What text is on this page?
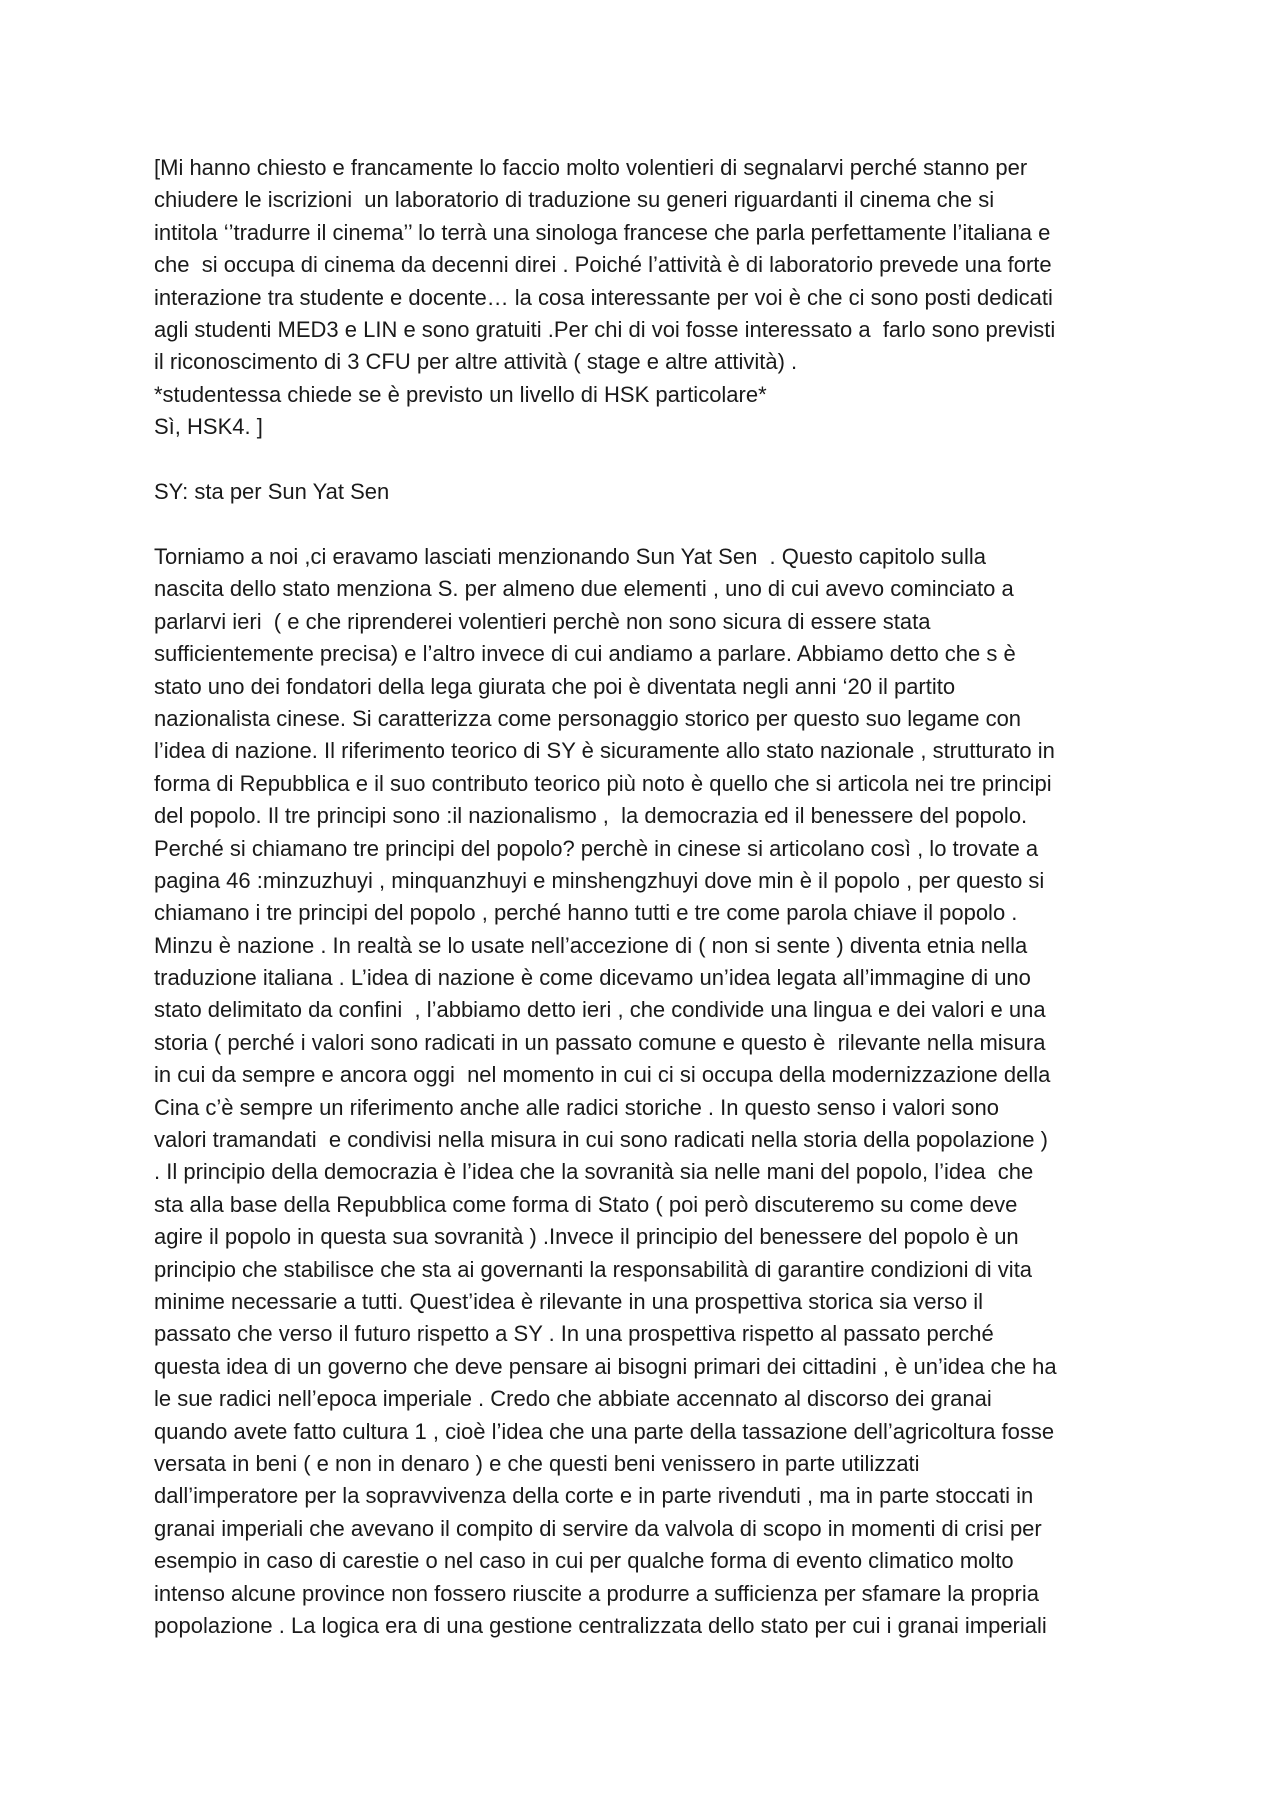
[Mi hanno chiesto e francamente lo faccio molto volentieri di segnalarvi perché stanno per
chiudere le iscrizioni  un laboratorio di traduzione su generi riguardanti il cinema che si
intitola ‘’tradurre il cinema’’ lo terrà una sinologa francese che parla perfettamente l’italiana e
che  si occupa di cinema da decenni direi . Poiché l’attività è di laboratorio prevede una forte
interazione tra studente e docente… la cosa interessante per voi è che ci sono posti dedicati
agli studenti MED3 e LIN e sono gratuiti .Per chi di voi fosse interessato a  farlo sono previsti
il riconoscimento di 3 CFU per altre attività ( stage e altre attività) .
*studentessa chiede se è previsto un livello di HSK particolare*
Sì, HSK4. ]
SY: sta per Sun Yat Sen
Torniamo a noi ,ci eravamo lasciati menzionando Sun Yat Sen  . Questo capitolo sulla
nascita dello stato menziona S. per almeno due elementi , uno di cui avevo cominciato a
parlarvi ieri  ( e che riprenderei volentieri perchè non sono sicura di essere stata
sufficientemente precisa) e l’altro invece di cui andiamo a parlare. Abbiamo detto che s è
stato uno dei fondatori della lega giurata che poi è diventata negli anni ‘20 il partito
nazionalista cinese. Si caratterizza come personaggio storico per questo suo legame con
l’idea di nazione. Il riferimento teorico di SY è sicuramente allo stato nazionale , strutturato in
forma di Repubblica e il suo contributo teorico più noto è quello che si articola nei tre principi
del popolo. Il tre principi sono :il nazionalismo ,  la democrazia ed il benessere del popolo.
Perché si chiamano tre principi del popolo? perchè in cinese si articolano così , lo trovate a
pagina 46 :minzuzhuyi , minquanzhuyi e minshengzhuyi dove min è il popolo , per questo si
chiamano i tre principi del popolo , perché hanno tutti e tre come parola chiave il popolo .
Minzu è nazione . In realtà se lo usate nell’accezione di ( non si sente ) diventa etnia nella
traduzione italiana . L’idea di nazione è come dicevamo un’idea legata all’immagine di uno
stato delimitato da confini  , l’abbiamo detto ieri , che condivide una lingua e dei valori e una
storia ( perché i valori sono radicati in un passato comune e questo è  rilevante nella misura
in cui da sempre e ancora oggi  nel momento in cui ci si occupa della modernizzazione della
Cina c’è sempre un riferimento anche alle radici storiche . In questo senso i valori sono
valori tramandati  e condivisi nella misura in cui sono radicati nella storia della popolazione )
. Il principio della democrazia è l’idea che la sovranità sia nelle mani del popolo, l’idea  che
sta alla base della Repubblica come forma di Stato ( poi però discuteremo su come deve
agire il popolo in questa sua sovranità ) .Invece il principio del benessere del popolo è un
principio che stabilisce che sta ai governanti la responsabilità di garantire condizioni di vita
minime necessarie a tutti. Quest’idea è rilevante in una prospettiva storica sia verso il
passato che verso il futuro rispetto a SY . In una prospettiva rispetto al passato perché
questa idea di un governo che deve pensare ai bisogni primari dei cittadini , è un’idea che ha
le sue radici nell’epoca imperiale . Credo che abbiate accennato al discorso dei granai
quando avete fatto cultura 1 , cioè l’idea che una parte della tassazione dell’agricoltura fosse
versata in beni ( e non in denaro ) e che questi beni venissero in parte utilizzati
dall’imperatore per la sopravvivenza della corte e in parte rivenduti , ma in parte stoccati in
granai imperiali che avevano il compito di servire da valvola di scopo in momenti di crisi per
esempio in caso di carestie o nel caso in cui per qualche forma di evento climatico molto
intenso alcune province non fossero riuscite a produrre a sufficienza per sfamare la propria
popolazione . La logica era di una gestione centralizzata dello stato per cui i granai imperiali
